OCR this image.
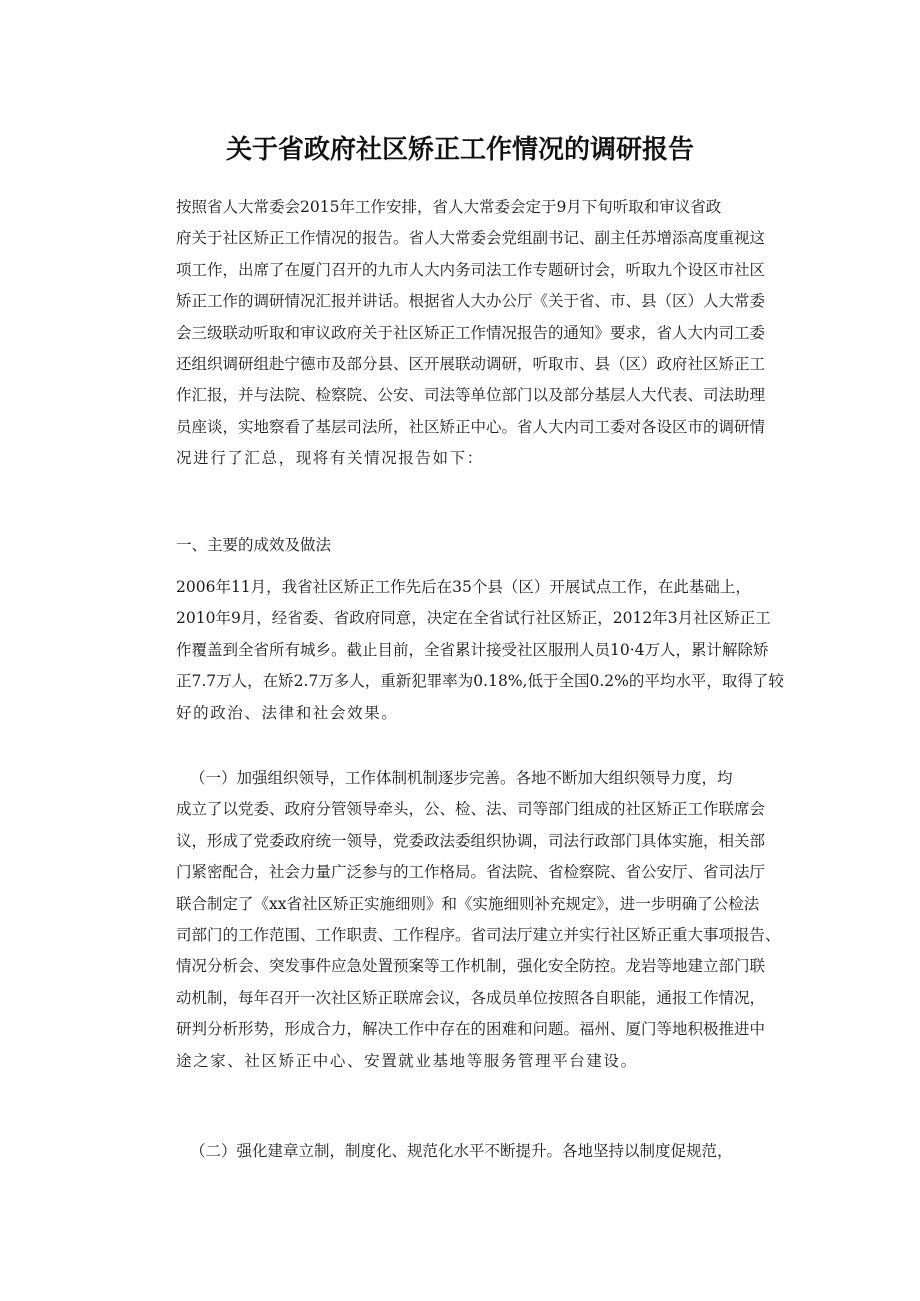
关于省政府社区矫正工作情况的调研报告
按照省人大常委会2015年工作安排，省人大常委会定于9月下旬听取和审议省政
府关于社区矫正工作情况的报告。省人大常委会党组副书记、副主任苏增添高度重视这
项工作，出席了在厦门召开的九市人大内务司法工作专题研讨会，听取九个设区市社区
矫正工作的调研情况汇报并讲话。根据省人大办公厅《关于省、市、县（区）人大常委
会三级联动听取和审议政府关于社区矫正工作情况报告的通知》要求，省人大内司工委
还组织调研组赴宁德市及部分县、区开展联动调研，听取市、县（区）政府社区矫正工
作汇报，并与法院、检察院、公安、司法等单位部门以及部分基层人大代表、司法助理
员座谈，实地察看了基层司法所，社区矫正中心。省人大内司工委对各设区市的调研情
况进行了汇总，现将有关情况报告如下：
一、主要的成效及做法
2006年11月，我省社区矫正工作先后在35个县（区）开展试点工作，在此基础上，
2010年9月，经省委、省政府同意，决定在全省试行社区矫正，2012年3月社区矫正工
作覆盖到全省所有城乡。截止目前，全省累计接受社区服刑人员10·4万人，累计解除矫
正7.7万人，在矫2.7万多人，重新犯罪率为0.18%,低于全国0.2%的平均水平，取得了较
好的政治、法律和社会效果。
（一）加强组织领导，工作体制机制逐步完善。各地不断加大组织领导力度，均
成立了以党委、政府分管领导牵头，公、检、法、司等部门组成的社区矫正工作联席会
议，形成了党委政府统一领导，党委政法委组织协调，司法行政部门具体实施，相关部
门紧密配合，社会力量广泛参与的工作格局。省法院、省检察院、省公安厅、省司法厅
联合制定了《xx省社区矫正实施细则》和《实施细则补充规定》，进一步明确了公检法
司部门的工作范围、工作职责、工作程序。省司法厅建立并实行社区矫正重大事项报告、
情况分析会、突发事件应急处置预案等工作机制，强化安全防控。龙岩等地建立部门联
动机制，每年召开一次社区矫正联席会议，各成员单位按照各自职能，通报工作情况，
研判分析形势，形成合力，解决工作中存在的困难和问题。福州、厦门等地积极推进中
途之家、社区矫正中心、安置就业基地等服务管理平台建设。
（二）强化建章立制，制度化、规范化水平不断提升。各地坚持以制度促规范，
